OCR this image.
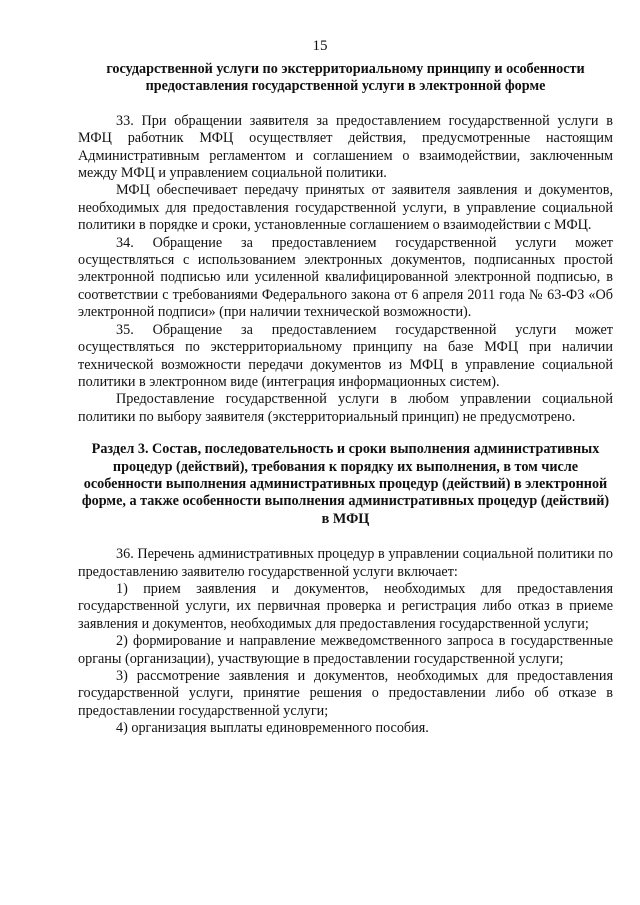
15

государственной услуги по экстерриториальному принципу и особенности предоставления государственной услуги в электронной форме

33. При обращении заявителя за предоставлением государственной услуги в МФЦ работник МФЦ осуществляет действия, предусмотренные настоящим Административным регламентом и соглашением о взаимодействии, заключенным между МФЦ и управлением социальной политики.

МФЦ обеспечивает передачу принятых от заявителя заявления и документов, необходимых для предоставления государственной услуги, в управление социальной политики в порядке и сроки, установленные соглашением о взаимодействии с МФЦ.

34. Обращение за предоставлением государственной услуги может осуществляться с использованием электронных документов, подписанных простой электронной подписью или усиленной квалифицированной электронной подписью, в соответствии с требованиями Федерального закона от 6 апреля 2011 года № 63-ФЗ «Об электронной подписи» (при наличии технической возможности).

35. Обращение за предоставлением государственной услуги может осуществляться по экстерриториальному принципу на базе МФЦ при наличии технической возможности передачи документов из МФЦ в управление социальной политики в электронном виде (интеграция информационных систем).

Предоставление государственной услуги в любом управлении социальной политики по выбору заявителя (экстерриториальный принцип) не предусмотрено.

Раздел 3. Состав, последовательность и сроки выполнения административных процедур (действий), требования к порядку их выполнения, в том числе особенности выполнения административных процедур (действий) в электронной форме, а также особенности выполнения административных процедур (действий) в МФЦ

36. Перечень административных процедур в управлении социальной политики по предоставлению заявителю государственной услуги включает:

1) прием заявления и документов, необходимых для предоставления государственной услуги, их первичная проверка и регистрация либо отказ в приеме заявления и документов, необходимых для предоставления государственной услуги;

2) формирование и направление межведомственного запроса в государственные органы (организации), участвующие в предоставлении государственной услуги;

3) рассмотрение заявления и документов, необходимых для предоставления государственной услуги, принятие решения о предоставлении либо об отказе в предоставлении государственной услуги;

4) организация выплаты единовременного пособия.
